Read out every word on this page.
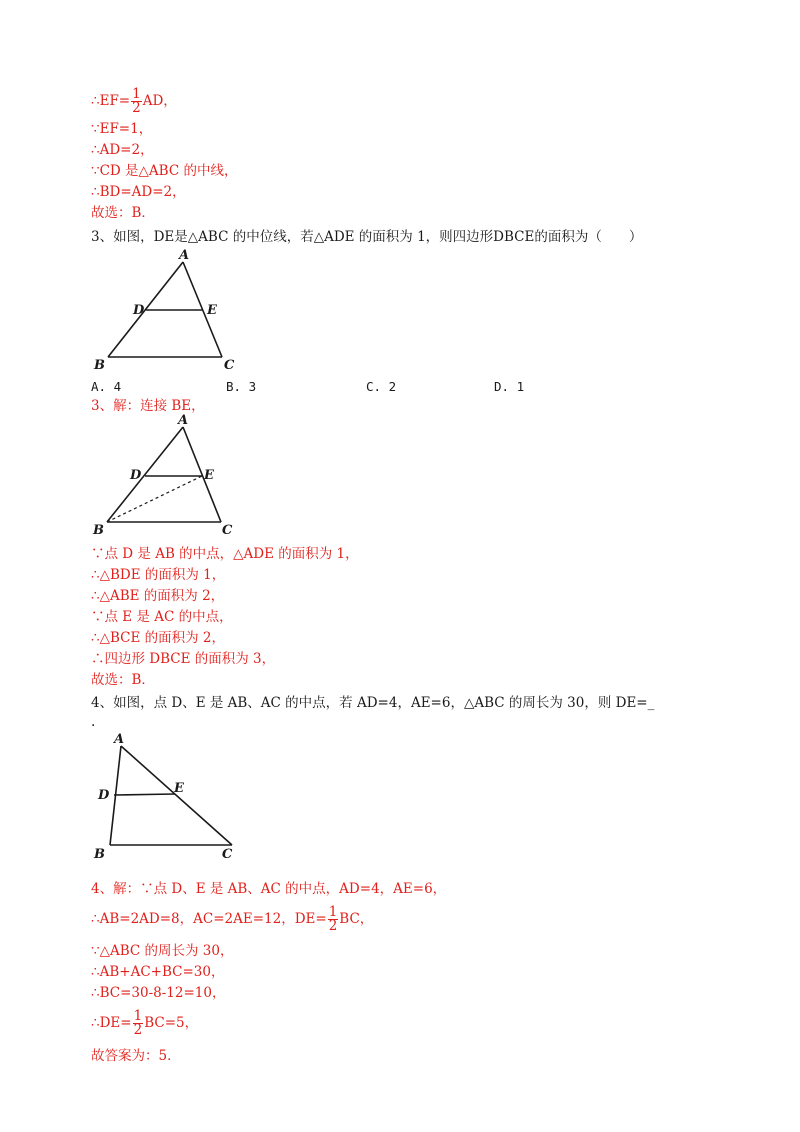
∴EF= $\frac{1}{2}$ AD，
∵EF=1，
∴AD=2，
∵CD 是△ABC 的中线，
∴BD=AD=2，
故选：B．
3、如图，DE是△ABC 的中位线，若△ADE 的面积为 1，则四边形DBCE的面积为（　　）
A
D	E
B	C
A. 4	B. 3	C. 2	D. 1
3、解：连接 BE，
A
D	E
B	C
∵点 D 是 AB 的中点，△ADE 的面积为 1，
∴△BDE 的面积为 1，
∴△ABE 的面积为 2，
∵点 E 是 AC 的中点，
∴△BCE 的面积为 2，
∴四边形 DBCE 的面积为 3，
故选：B．
4、如图，点 D、E 是 AB、AC 的中点，若 AD=4，AE=6，△ABC 的周长为 30，则 DE=_
.
A
D	E
B	C
4、解：∵点 D、E 是 AB、AC 的中点，AD=4，AE=6，
∴AB=2AD=8，AC=2AE=12，$DE= \frac{1}{2}$ BC，
∵△ABC 的周长为 30，
∴AB+AC+BC=30，
∴BC=30-8-12=10，
∴DE= $\frac{1}{2} BC=5$，
故答案为：5．
